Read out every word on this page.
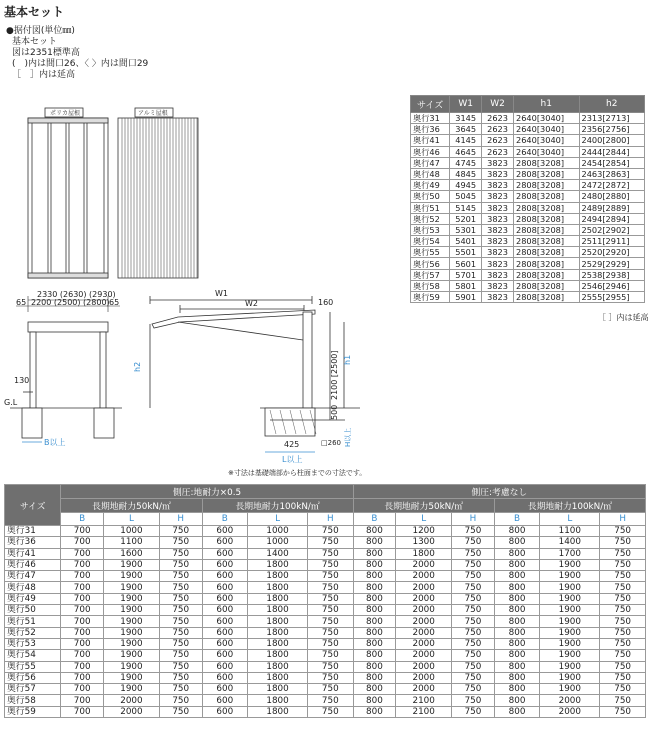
基本セット
●据付図(単位㎜)
基本セット
図は2351標準高
(　)内は間口26、〈 〉内は間口29
［　］内は延高
ポリカ屋根	アルミ屋根
2330 (2630) (2930)
2200 (2500) (2800)
65	65
130
G.L
B以上
W1
W2	160
h2	2100 [2500] h1
500
425	□260 H以上
L以上
サイズ	W1	W2	h1	h2
奥行31	3145	2623	2640[3040]	2313[2713]
奥行36	3645	2623	2640[3040]	2356[2756]
奥行41	4145	2623	2640[3040]	2400[2800]
奥行46	4645	2623	2640[3040]	2444[2844]
奥行47	4745	3823	2808[3208]	2454[2854]
奥行48	4845	3823	2808[3208]	2463[2863]
奥行49	4945	3823	2808[3208]	2472[2872]
奥行50	5045	3823	2808[3208]	2480[2880]
奥行51	5145	3823	2808[3208]	2489[2889]
奥行52	5201	3823	2808[3208]	2494[2894]
奥行53	5301	3823	2808[3208]	2502[2902]
奥行54	5401	3823	2808[3208]	2511[2911]
奥行55	5501	3823	2808[3208]	2520[2920]
奥行56	5601	3823	2808[3208]	2529[2929]
奥行57	5701	3823	2808[3208]	2538[2938]
奥行58	5801	3823	2808[3208]	2546[2946]
奥行59	5901	3823	2808[3208]	2555[2955]
［ ］内は延高
※寸法は基礎端部から柱面までの寸法です。
サイズ	側圧:地耐力×0.5						側圧:考慮なし					
	長期地耐力50kN/㎡			長期地耐力100kN/㎡			長期地耐力50kN/㎡			長期地耐力100kN/㎡		
	B	L	H	B	L	H	B	L	H	B	L	H
奥行31	700	1000	750	600	1000	750	800	1200	750	800	1100	750
奥行36	700	1100	750	600	1000	750	800	1300	750	800	1400	750
奥行41	700	1600	750	600	1400	750	800	1800	750	800	1700	750
奥行46	700	1900	750	600	1800	750	800	2000	750	800	1900	750
奥行47	700	1900	750	600	1800	750	800	2000	750	800	1900	750
奥行48	700	1900	750	600	1800	750	800	2000	750	800	1900	750
奥行49	700	1900	750	600	1800	750	800	2000	750	800	1900	750
奥行50	700	1900	750	600	1800	750	800	2000	750	800	1900	750
奥行51	700	1900	750	600	1800	750	800	2000	750	800	1900	750
奥行52	700	1900	750	600	1800	750	800	2000	750	800	1900	750
奥行53	700	1900	750	600	1800	750	800	2000	750	800	1900	750
奥行54	700	1900	750	600	1800	750	800	2000	750	800	1900	750
奥行55	700	1900	750	600	1800	750	800	2000	750	800	1900	750
奥行56	700	1900	750	600	1800	750	800	2000	750	800	1900	750
奥行57	700	1900	750	600	1800	750	800	2000	750	800	1900	750
奥行58	700	2000	750	600	1800	750	800	2100	750	800	2000	750
奥行59	700	2000	750	600	1800	750	800	2100	750	800	2000	750
